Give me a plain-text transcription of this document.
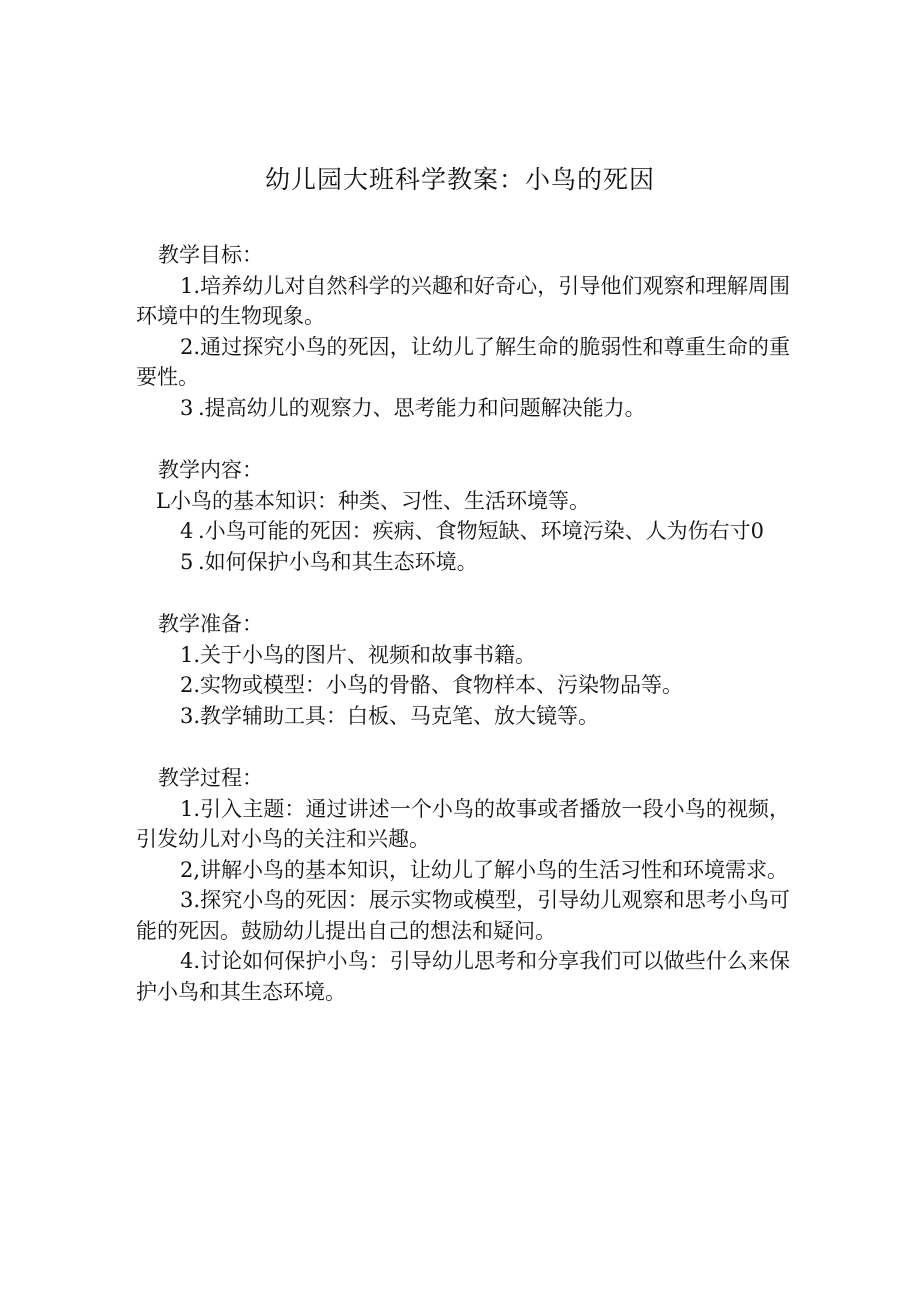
幼儿园大班科学教案：小鸟的死因
教学目标：
1.培养幼儿对自然科学的兴趣和好奇心，引导他们观察和理解周围环境中的生物现象。
2.通过探究小鸟的死因，让幼儿了解生命的脆弱性和尊重生命的重要性。
3 .提高幼儿的观察力、思考能力和问题解决能力。
教学内容：
L小鸟的基本知识：种类、习性、生活环境等。
4 .小鸟可能的死因：疾病、食物短缺、环境污染、人为伤右寸0
5 .如何保护小鸟和其生态环境。
教学准备：
1.关于小鸟的图片、视频和故事书籍。
2.实物或模型：小鸟的骨骼、食物样本、污染物品等。
3.教学辅助工具：白板、马克笔、放大镜等。
教学过程：
1.引入主题：通过讲述一个小鸟的故事或者播放一段小鸟的视频，引发幼儿对小鸟的关注和兴趣。
2,讲解小鸟的基本知识，让幼儿了解小鸟的生活习性和环境需求。
3.探究小鸟的死因：展示实物或模型，引导幼儿观察和思考小鸟可能的死因。鼓励幼儿提出自己的想法和疑问。
4.讨论如何保护小鸟：引导幼儿思考和分享我们可以做些什么来保护小鸟和其生态环境。
